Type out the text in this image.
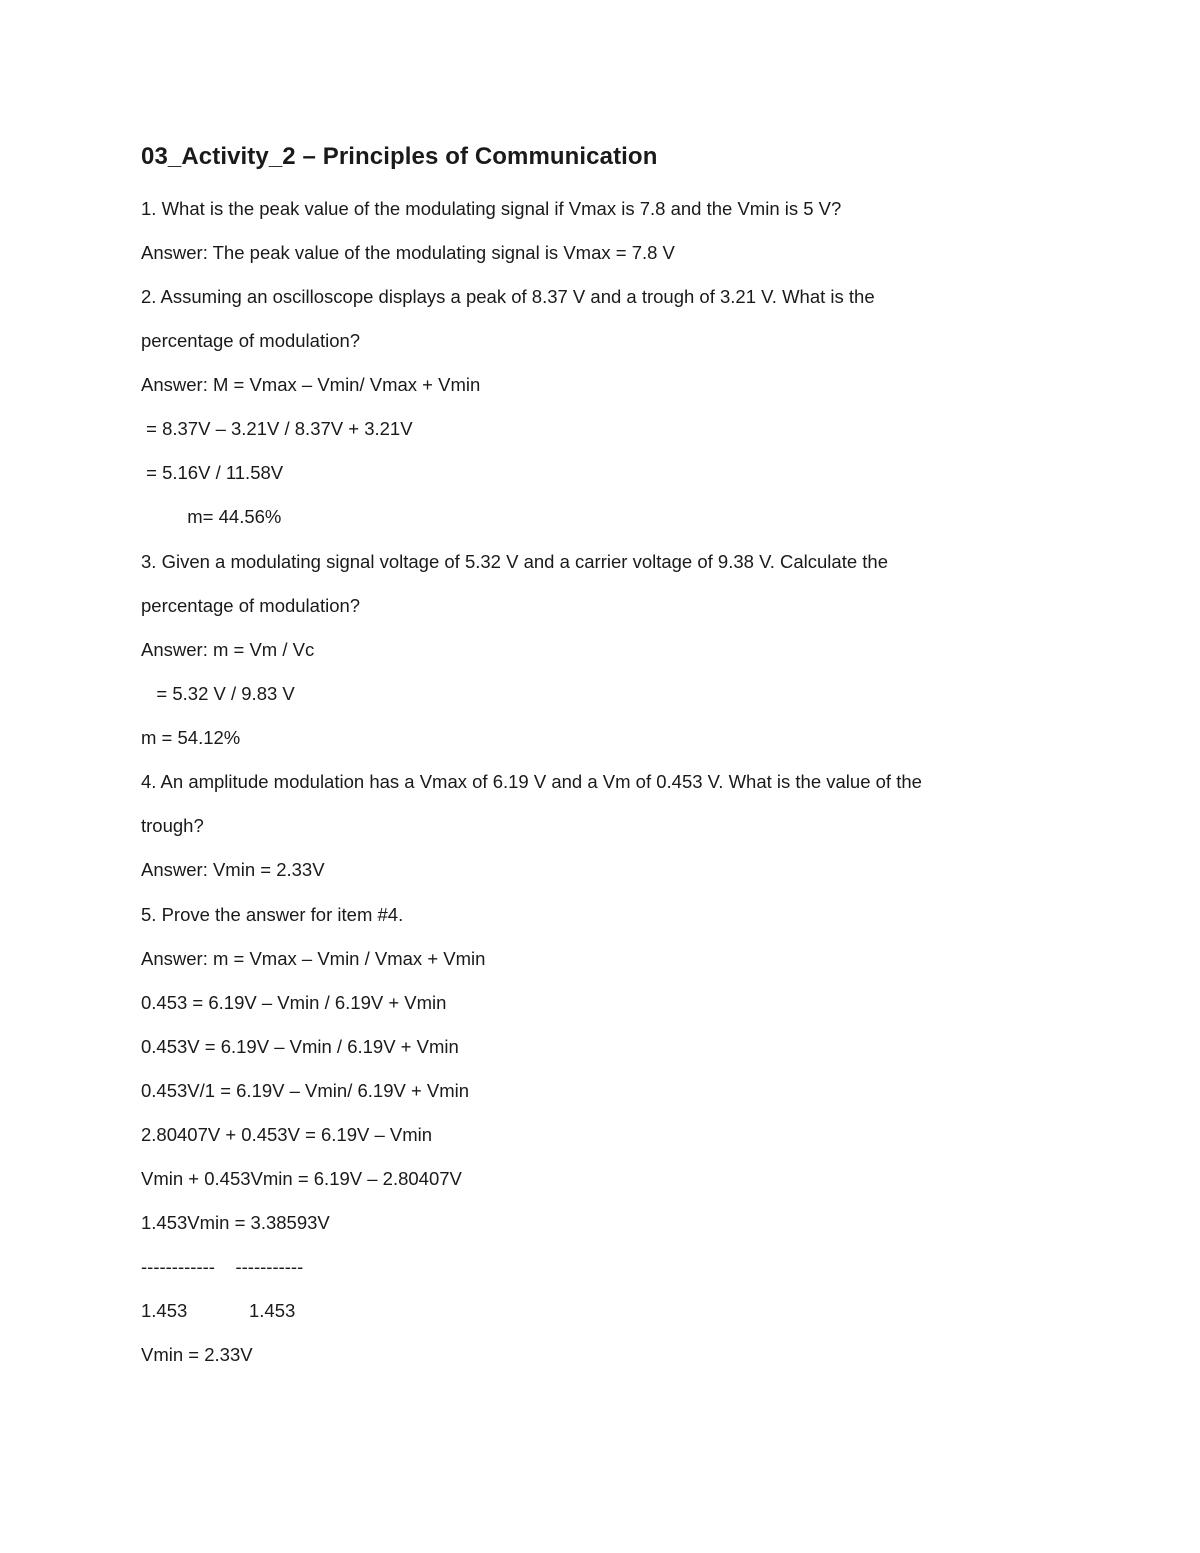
03_Activity_2 – Principles of Communication
1. What is the peak value of the modulating signal if Vmax is 7.8 and the Vmin is 5 V?
Answer: The peak value of the modulating signal is Vmax = 7.8 V
2. Assuming an oscilloscope displays a peak of 8.37 V and a trough of 3.21 V. What is the
percentage of modulation?
Answer: M = Vmax – Vmin/ Vmax + Vmin
= 8.37V – 3.21V / 8.37V + 3.21V
= 5.16V / 11.58V
m= 44.56%
3. Given a modulating signal voltage of 5.32 V and a carrier voltage of 9.38 V. Calculate the
percentage of modulation?
Answer: m = Vm / Vc
= 5.32 V / 9.83 V
m = 54.12%
4. An amplitude modulation has a Vmax of 6.19 V and a Vm of 0.453 V. What is the value of the
trough?
Answer: Vmin = 2.33V
5. Prove the answer for item #4.
Answer: m = Vmax – Vmin / Vmax + Vmin
0.453 = 6.19V – Vmin / 6.19V + Vmin
0.453V = 6.19V – Vmin / 6.19V + Vmin
0.453V/1 = 6.19V – Vmin/ 6.19V + Vmin
2.80407V + 0.453V = 6.19V – Vmin
Vmin + 0.453Vmin = 6.19V – 2.80407V
1.453Vmin = 3.38593V
------------    -----------
1.453            1.453
Vmin = 2.33V
